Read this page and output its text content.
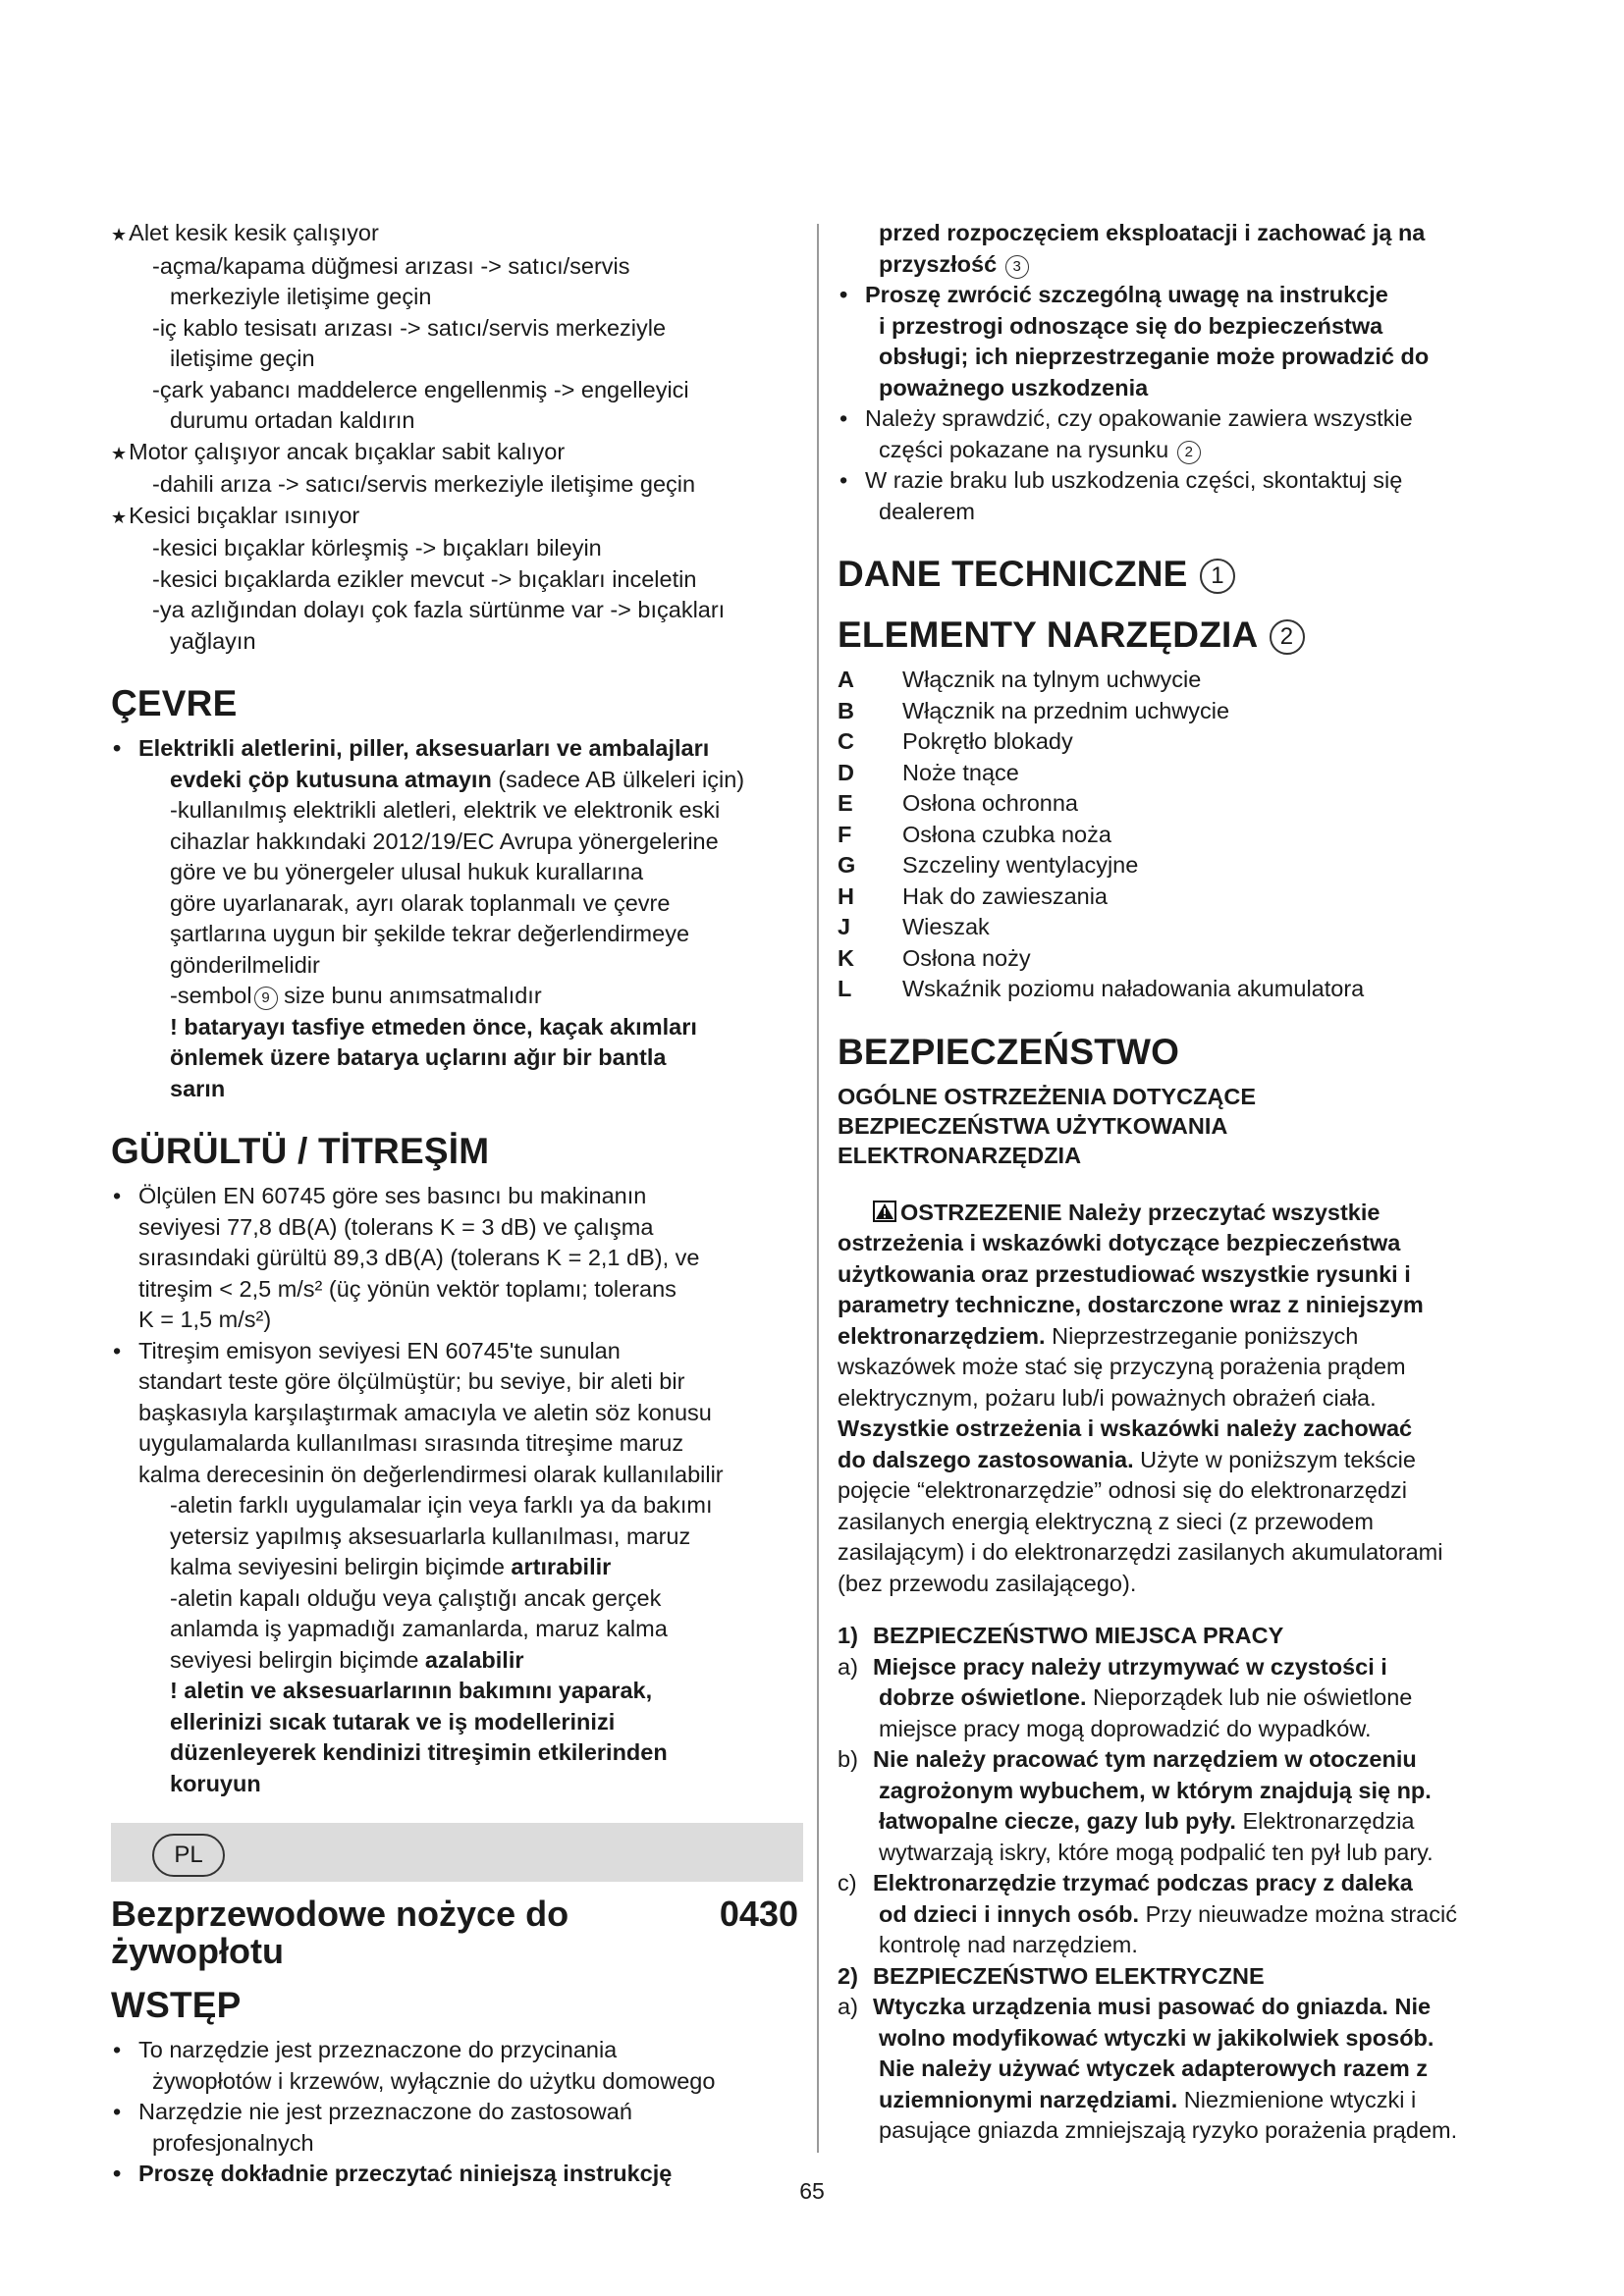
★Alet kesik kesik çalışıyor
-açma/kapama düğmesi arızası -> satıcı/servis
merkeziyle iletişime geçin
-iç kablo tesisatı arızası -> satıcı/servis merkeziyle
iletişime geçin
-çark yabancı maddelerce engellenmiş -> engelleyici
durumu ortadan kaldırın
★Motor çalışıyor ancak bıçaklar sabit kalıyor
-dahili arıza -> satıcı/servis merkeziyle iletişime geçin
★Kesici bıçaklar ısınıyor
-kesici bıçaklar körleşmiş -> bıçakları bileyin
-kesici bıçaklarda ezikler mevcut -> bıçakları inceletin
-ya azlığından dolayı çok fazla sürtünme var -> bıçakları
yağlayın
ÇEVRE
• Elektrikli aletlerini, piller, aksesuarları ve ambalajları
evdeki çöp kutusuna atmayın (sadece AB ülkeleri için)
-kullanılmış elektrikli aletleri, elektrik ve elektronik eski
cihazlar hakkındaki 2012/19/EC Avrupa yönergelerine
göre ve bu yönergeler ulusal hukuk kurallarına
göre uyarlanarak, ayrı olarak toplanmalı ve çevre
şartlarına uygun bir şekilde tekrar değerlendirmeye
gönderilmelidir
-sembol 9 size bunu anımsatmalıdır
! bataryayı tasfiye etmeden önce, kaçak akımları
önlemek üzere batarya uçlarını ağır bir bantla
sarın
GÜRÜLTÜ / TİTREŞİM
• Ölçülen EN 60745 göre ses basıncı bu makinanın
seviyesi 77,8 dB(A) (tolerans K = 3 dB) ve çalışma
sırasındaki gürültü 89,3 dB(A) (tolerans K = 2,1 dB), ve
titreşim < 2,5 m/s² (üç yönün vektör toplamı; tolerans
K = 1,5 m/s²)
• Titreşim emisyon seviyesi EN 60745'te sunulan
standart teste göre ölçülmüştür; bu seviye, bir aleti bir
başkasıyla karşılaştırmak amacıyla ve aletin söz konusu
uygulamalarda kullanılması sırasında titreşime maruz
kalma derecesinin ön değerlendirmesi olarak kullanılabilir
-aletin farklı uygulamalar için veya farklı ya da bakımı
yetersiz yapılmış aksesuarlarla kullanılması, maruz
kalma seviyesini belirgin biçimde artırabilir
-aletin kapalı olduğu veya çalıştığı ancak gerçek
anlamda iş yapmadığı zamanlarda, maruz kalma
seviyesi belirgin biçimde azalabilir
! aletin ve aksesuarlarının bakımını yaparak,
ellerinizi sıcak tutarak ve iş modellerinizi
düzenleyerek kendinizi titreşimin etkilerinden
koruyun
PL
Bezprzewodowe nożyce do	0430
żywopłotu
WSTĘP
• To narzędzie jest przeznaczone do przycinania
żywopłotów i krzewów, wyłącznie do użytku domowego
• Narzędzie nie jest przeznaczone do zastosowań
profesjonalnych
• Proszę dokładnie przeczytać niniejszą instrukcję
przed rozpoczęciem eksploatacji i zachować ją na
przyszłość 3
• Proszę zwrócić szczególną uwagę na instrukcje
i przestrogi odnoszące się do bezpieczeństwa
obsługi; ich nieprzestrzeganie może prowadzić do
poważnego uszkodzenia
• Należy sprawdzić, czy opakowanie zawiera wszystkie
części pokazane na rysunku 2
• W razie braku lub uszkodzenia części, skontaktuj się
dealerem
DANE TECHNICZNE 1
ELEMENTY NARZĘDZIA 2
A	Włącznik na tylnym uchwycie
B	Włącznik na przednim uchwycie
C	Pokrętło blokady
D	Noże tnące
E	Osłona ochronna
F	Osłona czubka noża
G	Szczeliny wentylacyjne
H	Hak do zawieszania
J	Wieszak
K	Osłona noży
L	Wskaźnik poziomu naładowania akumulatora
BEZPIECZEŃSTWO
OGÓLNE OSTRZEŻENIA DOTYCZĄCE
BEZPIECZEŃSTWA UŻYTKOWANIA
ELEKTRONARZĘDZIA
OSTRZEZENIE Należy przeczytać wszystkie
ostrzeżenia i wskazówki dotyczące bezpieczeństwa
użytkowania oraz przestudiować wszystkie rysunki i
parametry techniczne, dostarczone wraz z niniejszym
elektronarzędziem. Nieprzestrzeganie poniższych
wskazówek może stać się przyczyną porażenia prądem
elektrycznym, pożaru lub/i poważnych obrażeń ciała.
Wszystkie ostrzeżenia i wskazówki należy zachować
do dalszego zastosowania. Użyte w poniższym tekście
pojęcie “elektronarzędzie” odnosi się do elektronarzędzi
zasilanych energią elektryczną z sieci (z przewodem
zasilającym) i do elektronarzędzi zasilanych akumulatorami
(bez przewodu zasilającego).
1) BEZPIECZEŃSTWO MIEJSCA PRACY
a) Miejsce pracy należy utrzymywać w czystości i
dobrze oświetlone. Nieporządek lub nie oświetlone
miejsce pracy mogą doprowadzić do wypadków.
b) Nie należy pracować tym narzędziem w otoczeniu
zagrożonym wybuchem, w którym znajdują się np.
łatwopalne ciecze, gazy lub pyły. Elektronarzędzia
wytwarzają iskry, które mogą podpalić ten pył lub pary.
c) Elektronarzędzie trzymać podczas pracy z daleka
od dzieci i innych osób. Przy nieuwadze można stracić
kontrolę nad narzędziem.
2) BEZPIECZEŃSTWO ELEKTRYCZNE
a) Wtyczka urządzenia musi pasować do gniazda. Nie
wolno modyfikować wtyczki w jakikolwiek sposób.
Nie należy używać wtyczek adapterowych razem z
uziemnionymi narzędziami. Niezmienione wtyczki i
pasujące gniazda zmniejszają ryzyko porażenia prądem.
65
